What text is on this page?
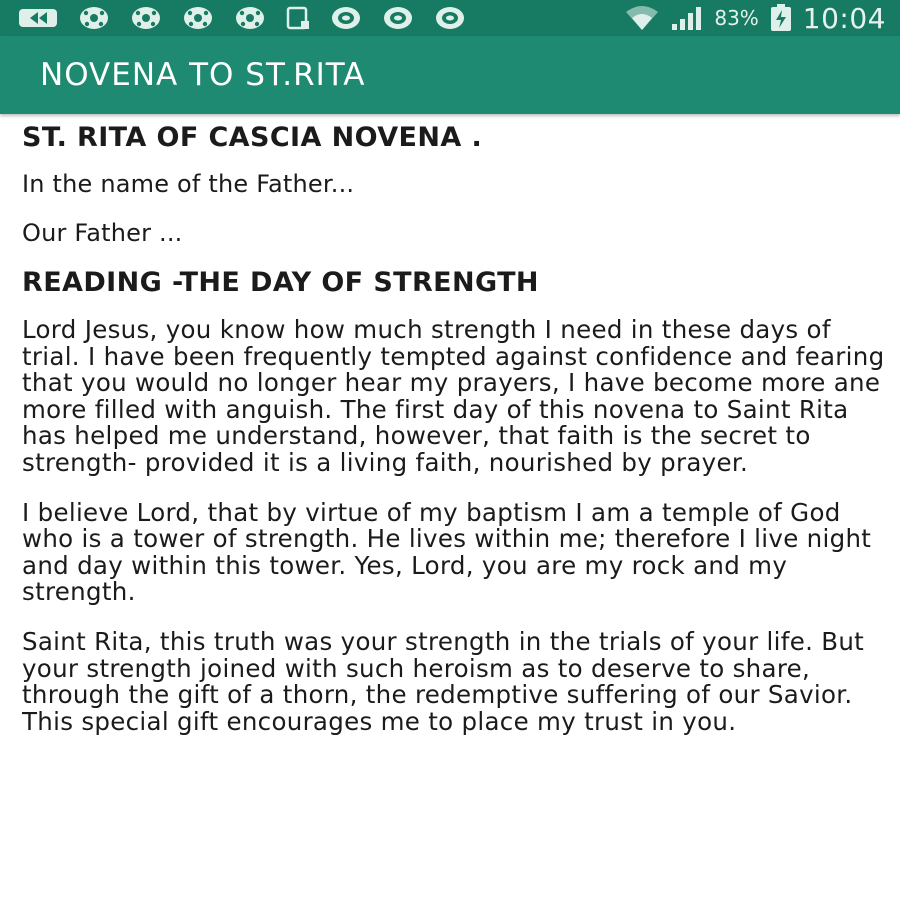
83% 10:04
NOVENA TO ST.RITA

ST. RITA OF CASCIA NOVENA .

In the name of the Father...

Our Father ...

READING -THE DAY OF STRENGTH

Lord Jesus, you know how much strength I need in these days of trial. I have been frequently tempted against confidence and fearing that you would no longer hear my prayers, I have become more ane more filled with anguish. The first day of this novena to Saint Rita has helped me understand, however, that faith is the secret to strength- provided it is a living faith, nourished by prayer.

I believe Lord, that by virtue of my baptism I am a temple of God who is a tower of strength. He lives within me; therefore I live night and day within this tower. Yes, Lord, you are my rock and my strength.

Saint Rita, this truth was your strength in the trials of your life. But your strength joined with such heroism as to deserve to share, through the gift of a thorn, the redemptive suffering of our Savior. This special gift encourages me to place my trust in you.
